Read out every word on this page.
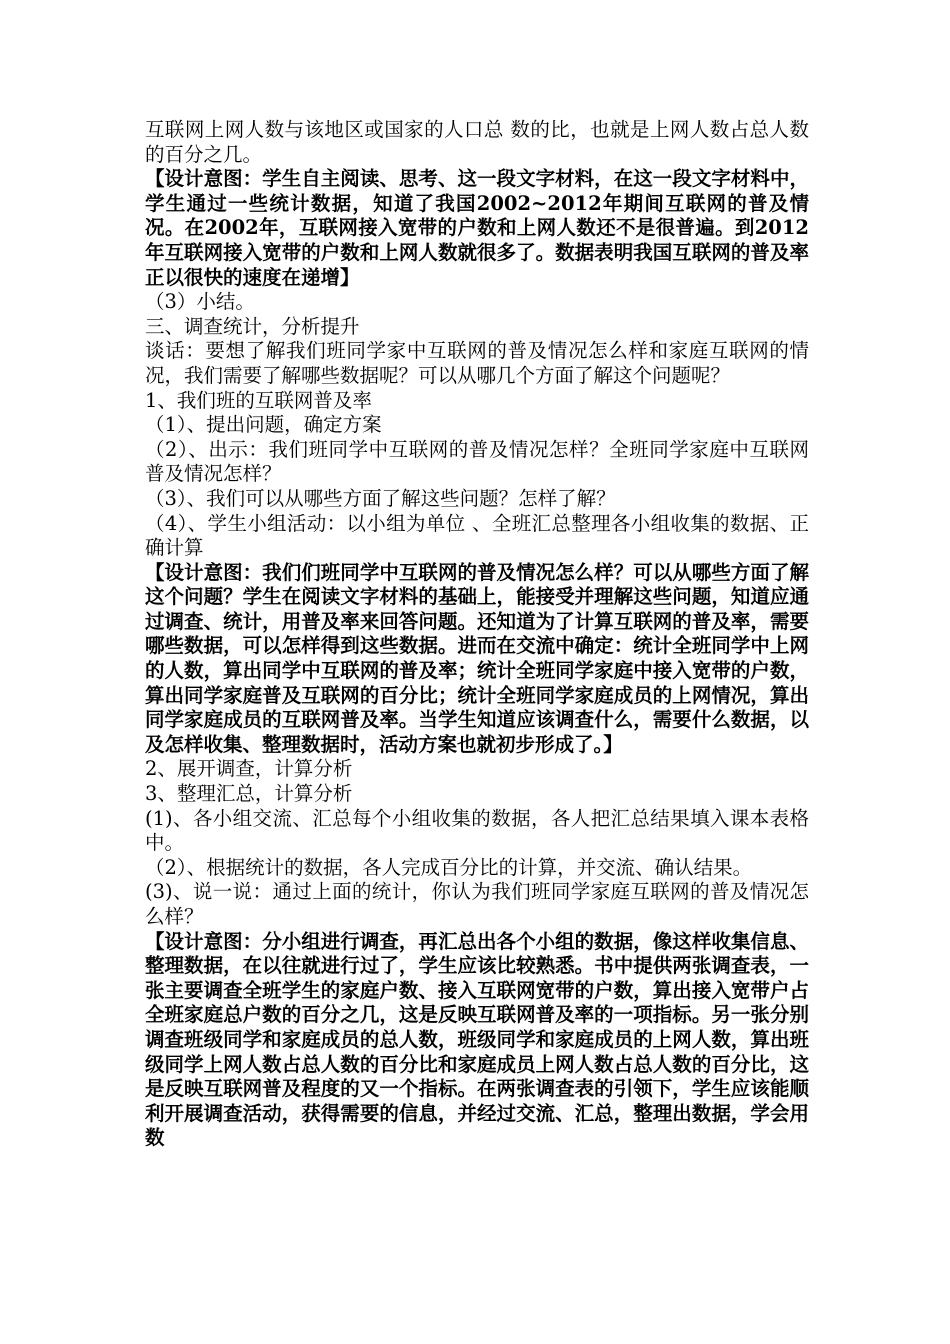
互联网上网人数与该地区或国家的人口总 数的比，也就是上网人数占总人数的百分之几。

【设计意图：学生自主阅读、思考、这一段文字材料，在这一段文字材料中，学生通过一些统计数据，知道了我国2002~2012年期间互联网的普及情况。在2002年，互联网接入宽带的户数和上网人数还不是很普遍。到2012年互联网接入宽带的户数和上网人数就很多了。数据表明我国互联网的普及率正以很快的速度在递增】

（3）小结。

三、调查统计，分析提升

谈话：要想了解我们班同学家中互联网的普及情况怎么样和家庭互联网的情况，我们需要了解哪些数据呢？可以从哪几个方面了解这个问题呢？

1、我们班的互联网普及率

（1）、提出问题，确定方案

（2）、出示：我们班同学中互联网的普及情况怎样？全班同学家庭中互联网普及情况怎样？

（3）、我们可以从哪些方面了解这些问题？怎样了解？

（4）、学生小组活动：以小组为单位 、全班汇总整理各小组收集的数据、正确计算

【设计意图：我们们班同学中互联网的普及情况怎么样？可以从哪些方面了解这个问题？学生在阅读文字材料的基础上，能接受并理解这些问题，知道应通过调查、统计，用普及率来回答问题。还知道为了计算互联网的普及率，需要哪些数据，可以怎样得到这些数据。进而在交流中确定：统计全班同学中上网的人数，算出同学中互联网的普及率；统计全班同学家庭中接入宽带的户数，算出同学家庭普及互联网的百分比；统计全班同学家庭成员的上网情况，算出同学家庭成员的互联网普及率。当学生知道应该调查什么，需要什么数据，以及怎样收集、整理数据时，活动方案也就初步形成了。】

2、展开调查，计算分析

3、整理汇总，计算分析

(1)、各小组交流、汇总每个小组收集的数据，各人把汇总结果填入课本表格中。

（2）、根据统计的数据，各人完成百分比的计算，并交流、确认结果。

(3)、说一说：通过上面的统计，你认为我们班同学家庭互联网的普及情况怎么样？

【设计意图：分小组进行调查，再汇总出各个小组的数据，像这样收集信息、整理数据，在以往就进行过了，学生应该比较熟悉。书中提供两张调查表，一张主要调查全班学生的家庭户数、接入互联网宽带的户数，算出接入宽带户占全班家庭总户数的百分之几，这是反映互联网普及率的一项指标。另一张分别调查班级同学和家庭成员的总人数，班级同学和家庭成员的上网人数，算出班级同学上网人数占总人数的百分比和家庭成员上网人数占总人数的百分比，这是反映互联网普及程度的又一个指标。在两张调查表的引领下，学生应该能顺利开展调查活动，获得需要的信息，并经过交流、汇总，整理出数据，学会用数
